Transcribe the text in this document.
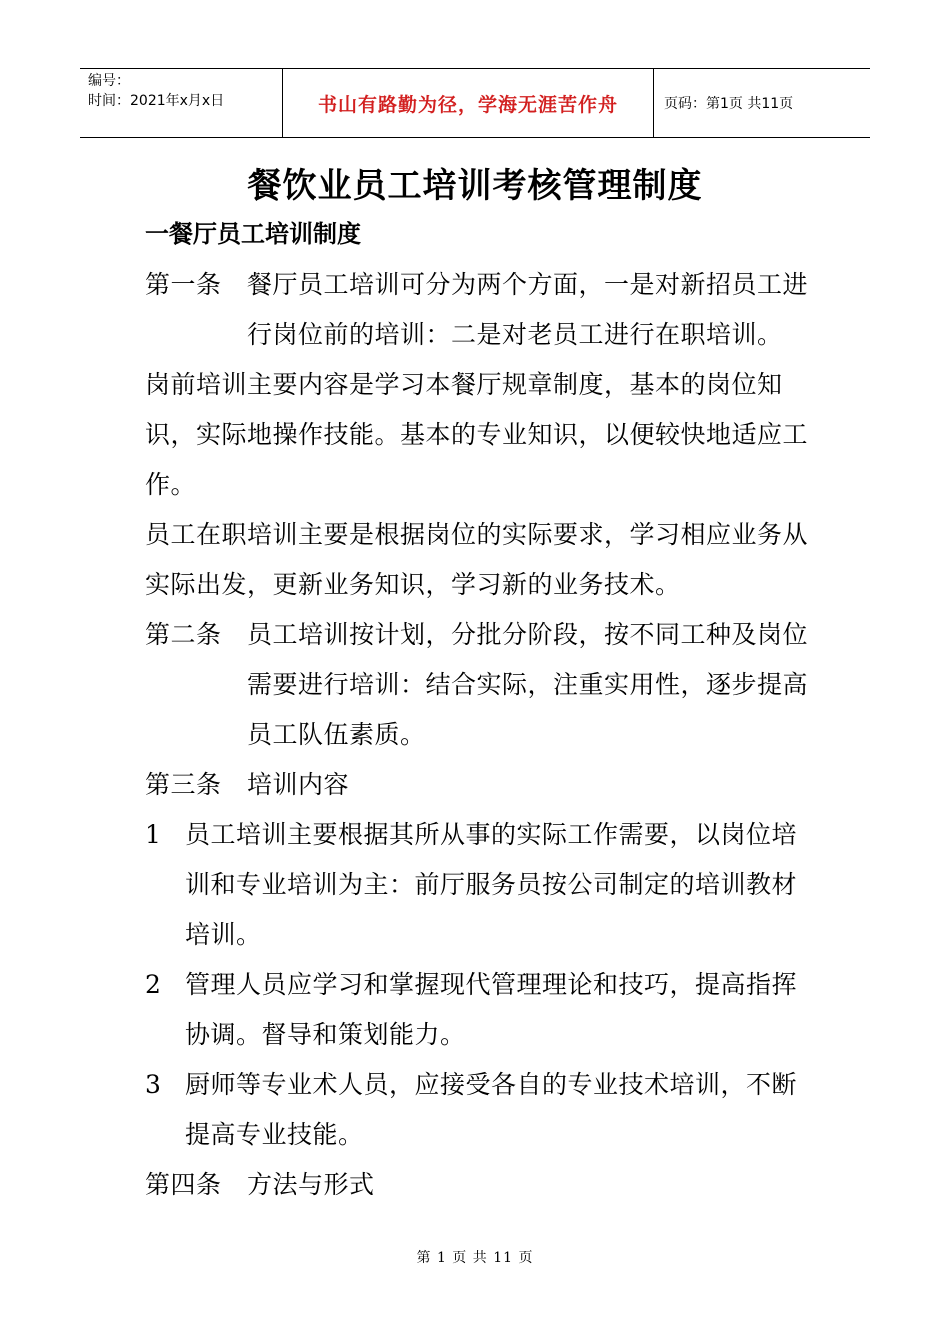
编号：
时间：2021年x月x日	书山有路勤为径，学海无涯苦作舟	页码：第1页 共11页
餐饮业员工培训考核管理制度
一餐厅员工培训制度
第一条	餐厅员工培训可分为两个方面，一是对新招员工进行岗位前的培训：二是对老员工进行在职培训。

岗前培训主要内容是学习本餐厅规章制度，基本的岗位知识，实际地操作技能。基本的专业知识，以便较快地适应工作。

员工在职培训主要是根据岗位的实际要求，学习相应业务从实际出发，更新业务知识，学习新的业务技术。

第二条	员工培训按计划，分批分阶段，按不同工种及岗位需要进行培训：结合实际，注重实用性，逐步提高员工队伍素质。
第三条	培训内容
1 员工培训主要根据其所从事的实际工作需要，以岗位培训和专业培训为主：前厅服务员按公司制定的培训教材培训。
2 管理人员应学习和掌握现代管理理论和技巧，提高指挥协调。督导和策划能力。
3 厨师等专业术人员，应接受各自的专业技术培训，不断提高专业技能。
第四条	方法与形式
第 1 页 共 11 页
